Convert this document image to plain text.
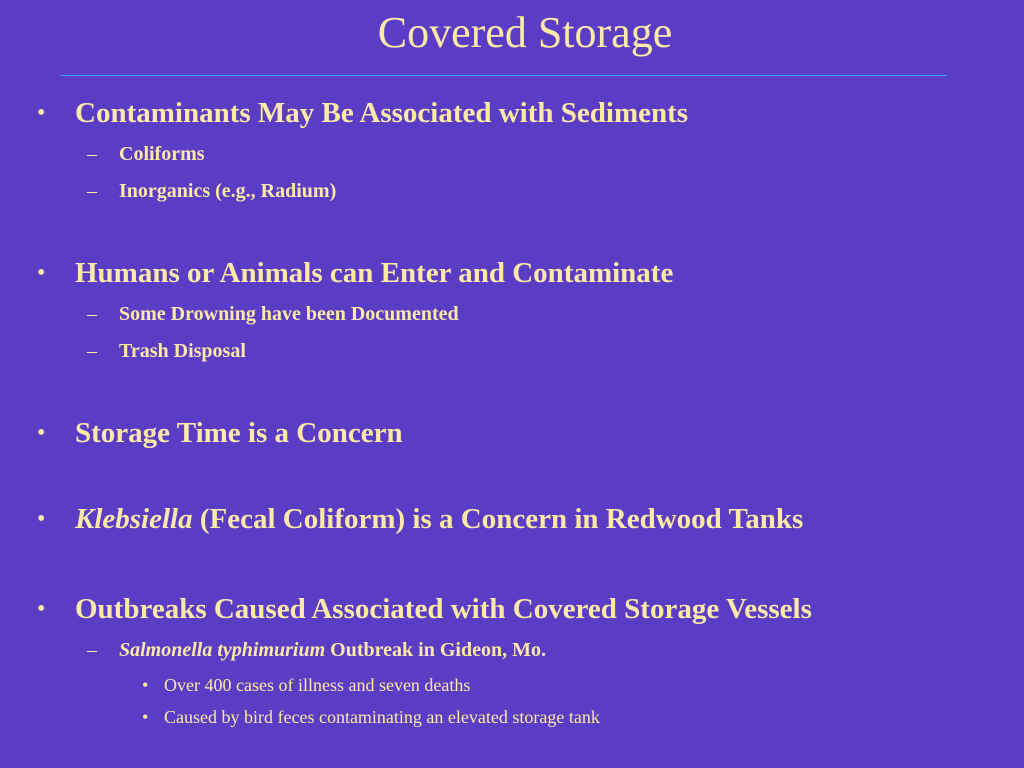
Covered Storage
• Contaminants May Be Associated with Sediments
– Coliforms
– Inorganics (e.g., Radium)
• Humans or Animals can Enter and Contaminate
– Some Drowning have been Documented
– Trash Disposal
• Storage Time is a Concern
• Klebsiella (Fecal Coliform) is a Concern in Redwood Tanks
• Outbreaks Caused Associated with Covered Storage Vessels
– Salmonella typhimurium Outbreak in Gideon, Mo.
• Over 400 cases of illness and seven deaths
• Caused by bird feces contaminating an elevated storage tank
